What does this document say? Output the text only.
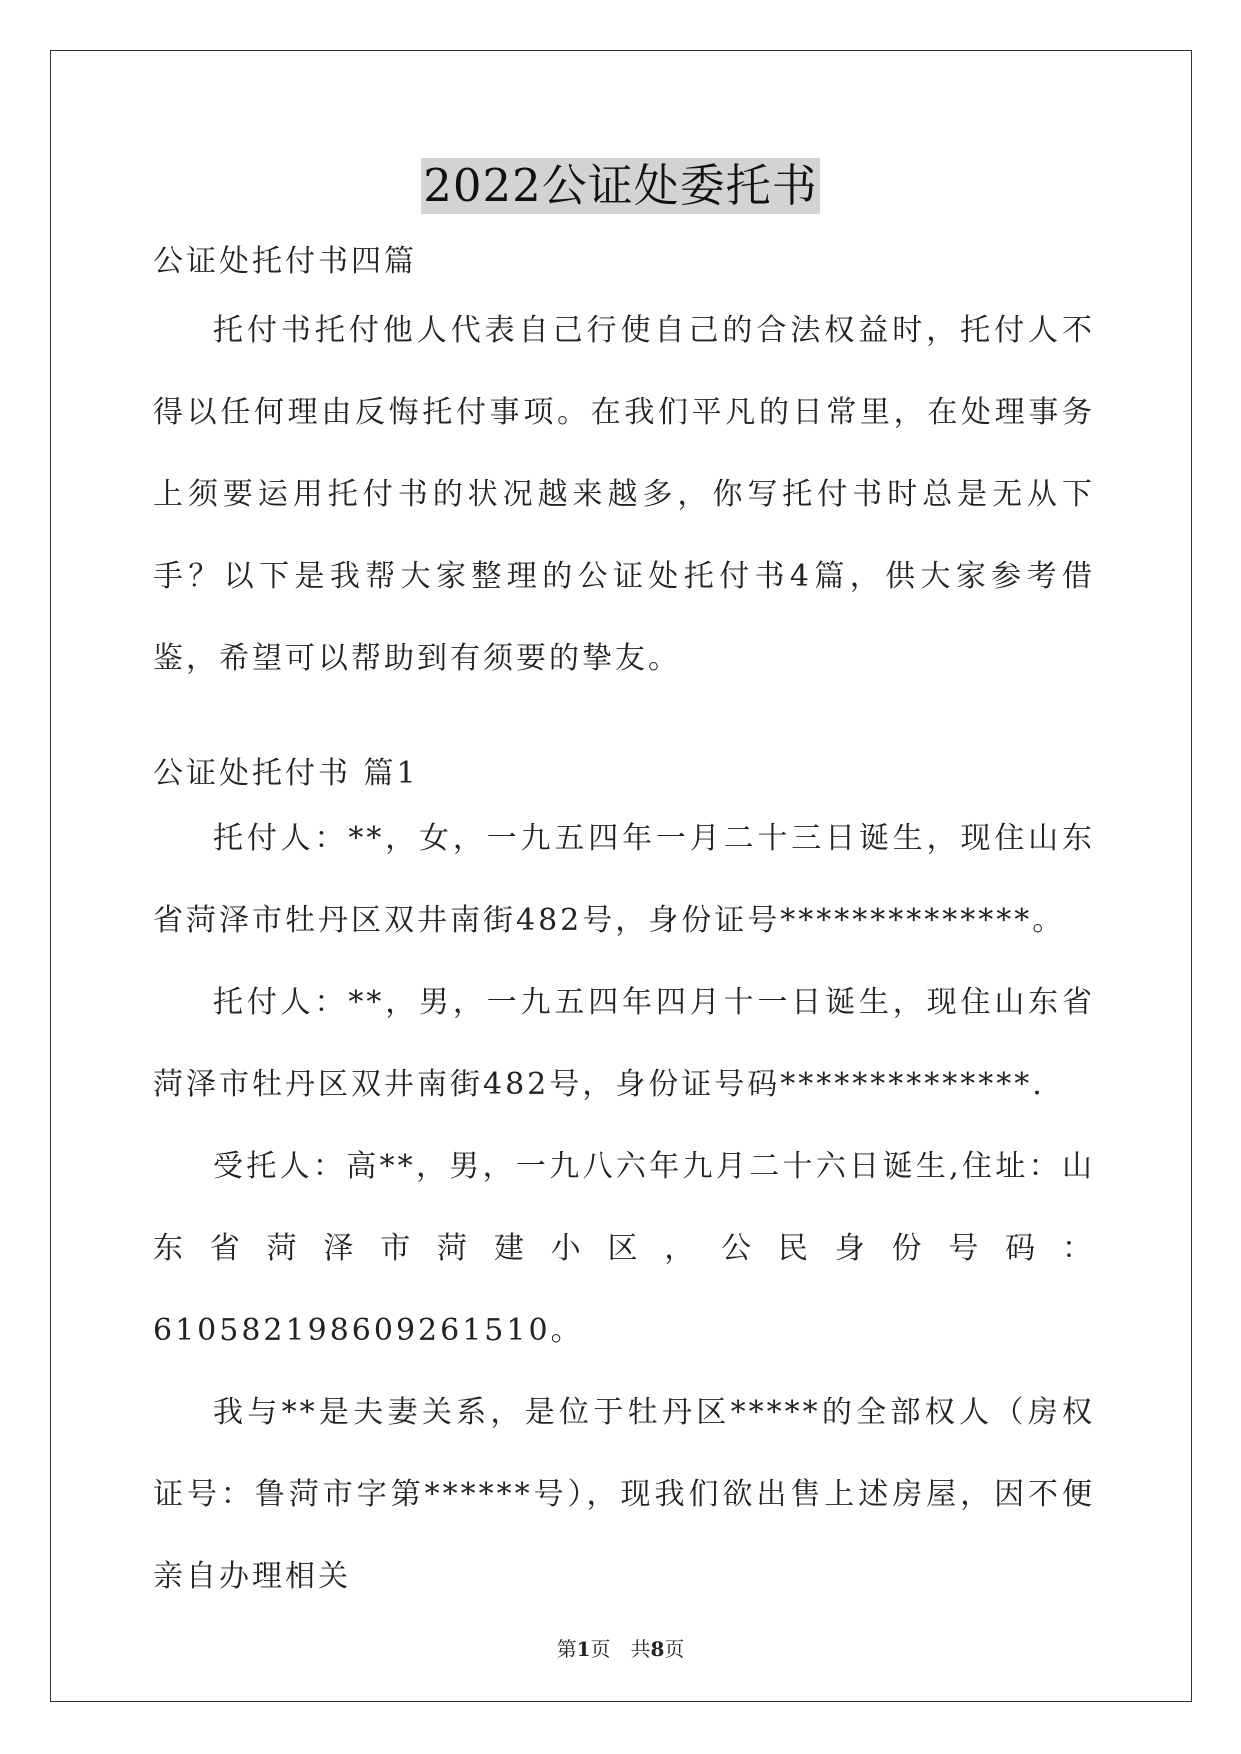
2022公证处委托书
公证处托付书四篇

托付书托付他人代表自己行使自己的合法权益时，托付人不得以任何理由反悔托付事项。在我们平凡的日常里，在处理事务上须要运用托付书的状况越来越多，你写托付书时总是无从下手？以下是我帮大家整理的公证处托付书4篇，供大家参考借鉴，希望可以帮助到有须要的挚友。

公证处托付书 篇1

托付人：**，女，一九五四年一月二十三日诞生，现住山东省菏泽市牡丹区双井南街482号，身份证号**************。

托付人：**，男，一九五四年四月十一日诞生，现住山东省菏泽市牡丹区双井南街482号，身份证号码**************.

受托人：高**，男，一九八六年九月二十六日诞生,住址：山东省菏泽市菏建小区，公民身份号码：610582198609261510。

我与**是夫妻关系，是位于牡丹区*****的全部权人（房权证号：鲁菏市字第******号），现我们欲出售上述房屋，因不便亲自办理相关

第1页　共8页
